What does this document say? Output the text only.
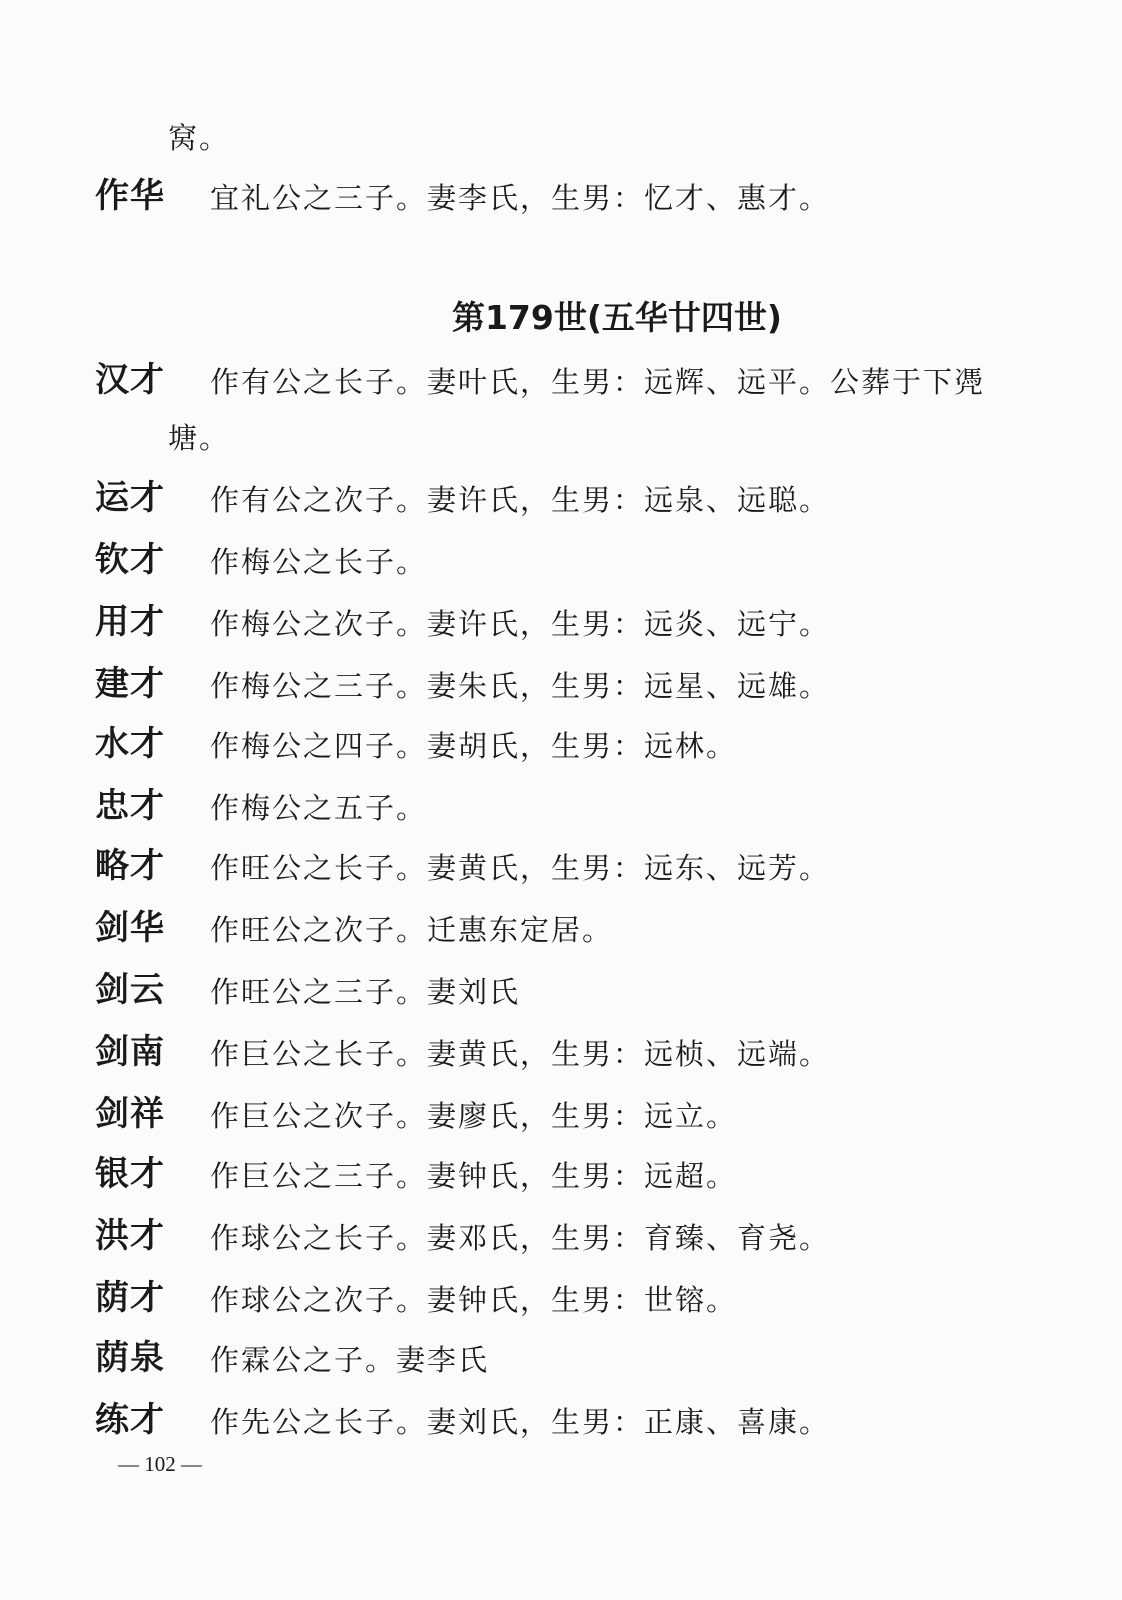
窝。
作华 宜礼公之三子。妻李氏，生男：忆才、惠才。
第179世(五华廿四世)
汉才 作有公之长子。妻叶氏，生男：远辉、远平。公葬于下凴
塘。
运才 作有公之次子。妻许氏，生男：远泉、远聪。
钦才 作梅公之长子。
用才 作梅公之次子。妻许氏，生男：远炎、远宁。
建才 作梅公之三子。妻朱氏，生男：远星、远雄。
水才 作梅公之四子。妻胡氏，生男：远林。
忠才 作梅公之五子。
略才 作旺公之长子。妻黄氏，生男：远东、远芳。
剑华 作旺公之次子。迁惠东定居。
剑云 作旺公之三子。妻刘氏
剑南 作巨公之长子。妻黄氏，生男：远桢、远端。
剑祥 作巨公之次子。妻廖氏，生男：远立。
银才 作巨公之三子。妻钟氏，生男：远超。
洪才 作球公之长子。妻邓氏，生男：育臻、育尧。
荫才 作球公之次子。妻钟氏，生男：世镕。
荫泉 作霖公之子。妻李氏
练才 作先公之长子。妻刘氏，生男：正康、喜康。
— 102 —
